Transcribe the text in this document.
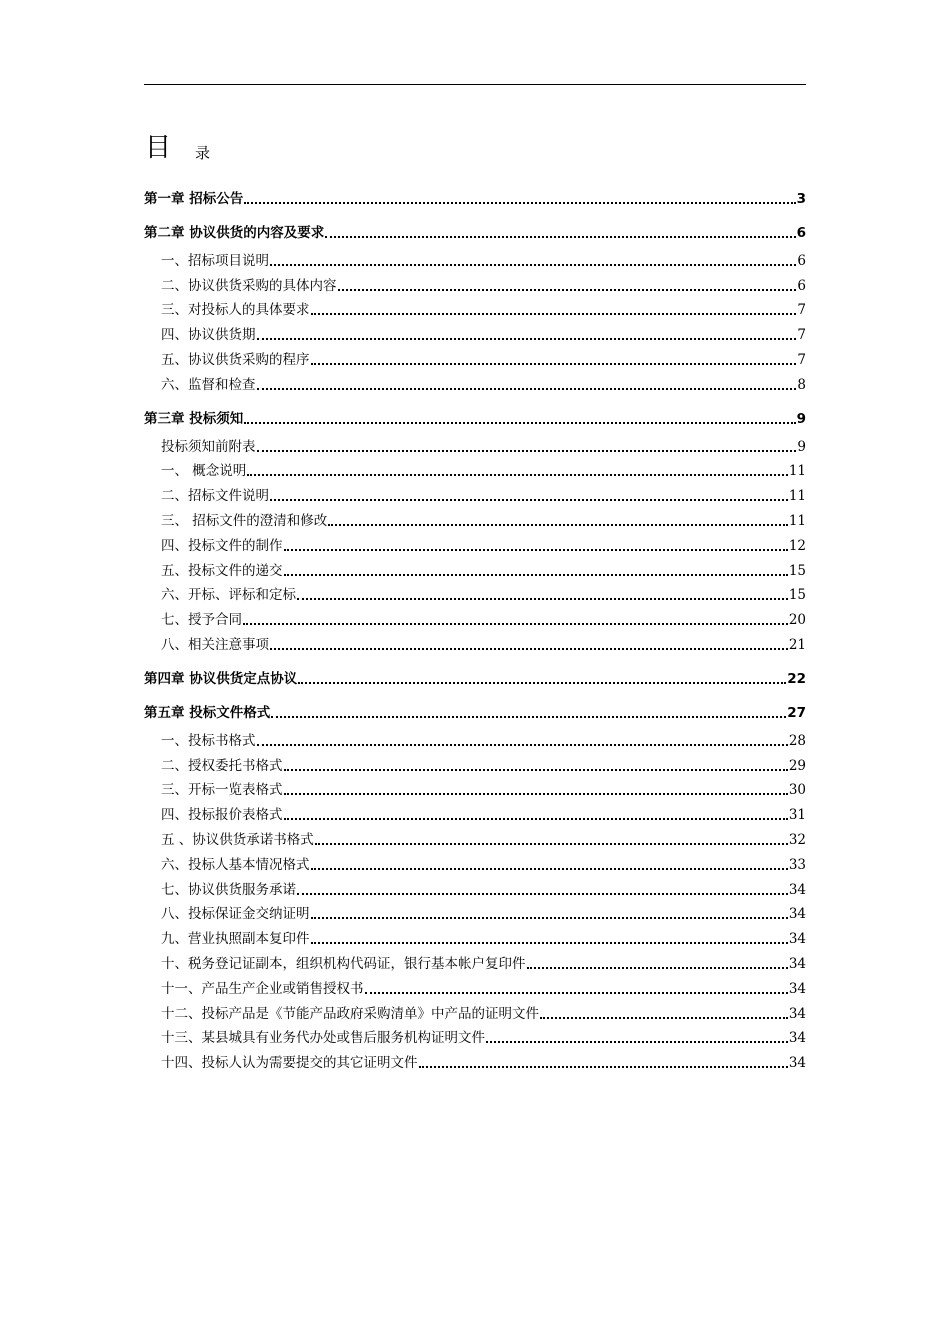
目 录
第一章 招标公告	3
第二章 协议供货的内容及要求	6
一、招标项目说明	6
二、协议供货采购的具体内容	6
三、对投标人的具体要求	7
四、协议供货期	7
五、协议供货采购的程序	7
六、监督和检查	8
第三章 投标须知	9
投标须知前附表	9
一、 概念说明	11
二、招标文件说明	11
三、 招标文件的澄清和修改	11
四、投标文件的制作	12
五、投标文件的递交	15
六、开标、评标和定标	15
七、授予合同	20
八、相关注意事项	21
第四章 协议供货定点协议	22
第五章 投标文件格式	27
一、投标书格式	28
二、授权委托书格式	29
三、开标一览表格式	30
四、投标报价表格式	31
五 、协议供货承诺书格式	32
六、投标人基本情况格式	33
七、协议供货服务承诺	34
八、投标保证金交纳证明	34
九、营业执照副本复印件	34
十、税务登记证副本，组织机构代码证，银行基本帐户复印件	34
十一、产品生产企业或销售授权书	34
十二、投标产品是《节能产品政府采购清单》中产品的证明文件	34
十三、某县城具有业务代办处或售后服务机构证明文件	34
十四、投标人认为需要提交的其它证明文件	34
